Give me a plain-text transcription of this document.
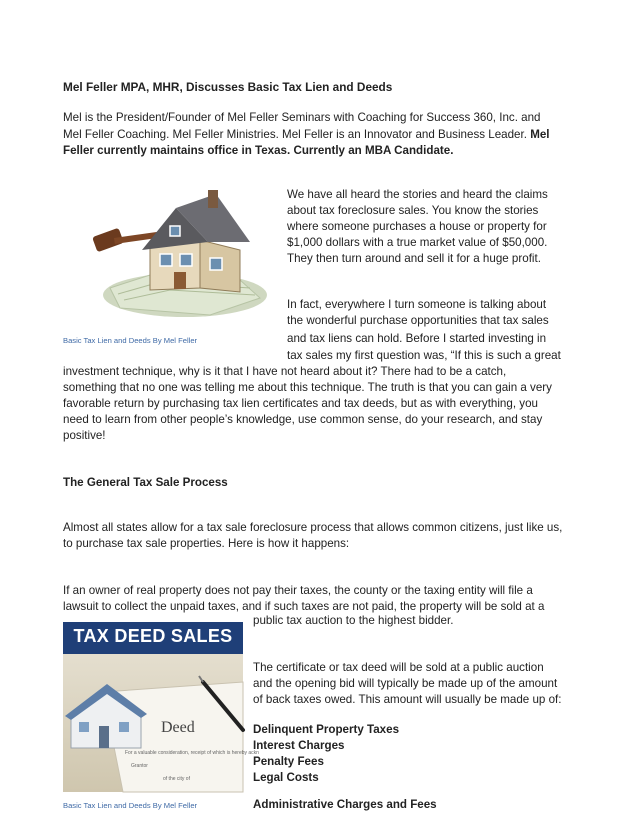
Mel Feller MPA, MHR, Discusses Basic Tax Lien and Deeds
Mel is the President/Founder of Mel Feller Seminars with Coaching for Success 360, Inc. and
Mel Feller Coaching. Mel Feller Ministries. Mel Feller is an Innovator and Business Leader. Mel
Feller currently maintains office in Texas. Currently an MBA Candidate.
Basic Tax Lien and Deeds By Mel Feller
We have all heard the stories and heard the claims
about tax foreclosure sales. You know the stories
where someone purchases a house or property for
$1,000 dollars with a true market value of $50,000.
They then turn around and sell it for a huge profit.
In fact, everywhere I turn someone is talking about
the wonderful purchase opportunities that tax sales
and tax liens can hold. Before I started investing in
tax sales my first question was, “If this is such a great
investment technique, why is it that I have not heard about it? There had to be a catch,
something that no one was telling me about this technique. The truth is that you can gain a very
favorable return by purchasing tax lien certificates and tax deeds, but as with everything, you
need to learn from other people’s knowledge, use common sense, do your research, and stay
positive!
The General Tax Sale Process
Almost all states allow for a tax sale foreclosure process that allows common citizens, just like us,
to purchase tax sale properties. Here is how it happens:
If an owner of real property does not pay their taxes, the county or the taxing entity will file a
lawsuit to collect the unpaid taxes, and if such taxes are not paid, the property will be sold at a
public tax auction to the highest bidder.
Deed
For a valuable consideration, receipt of which is hereby ackn
Grantor
of the city of
TAX DEED SALES
The certificate or tax deed will be sold at a public auction
and the opening bid will typically be made up of the amount
of back taxes owed. This amount will usually be made up of:
Delinquent Property Taxes
Interest Charges
Penalty Fees
Legal Costs
Administrative Charges and Fees
Basic Tax Lien and Deeds By Mel Feller
